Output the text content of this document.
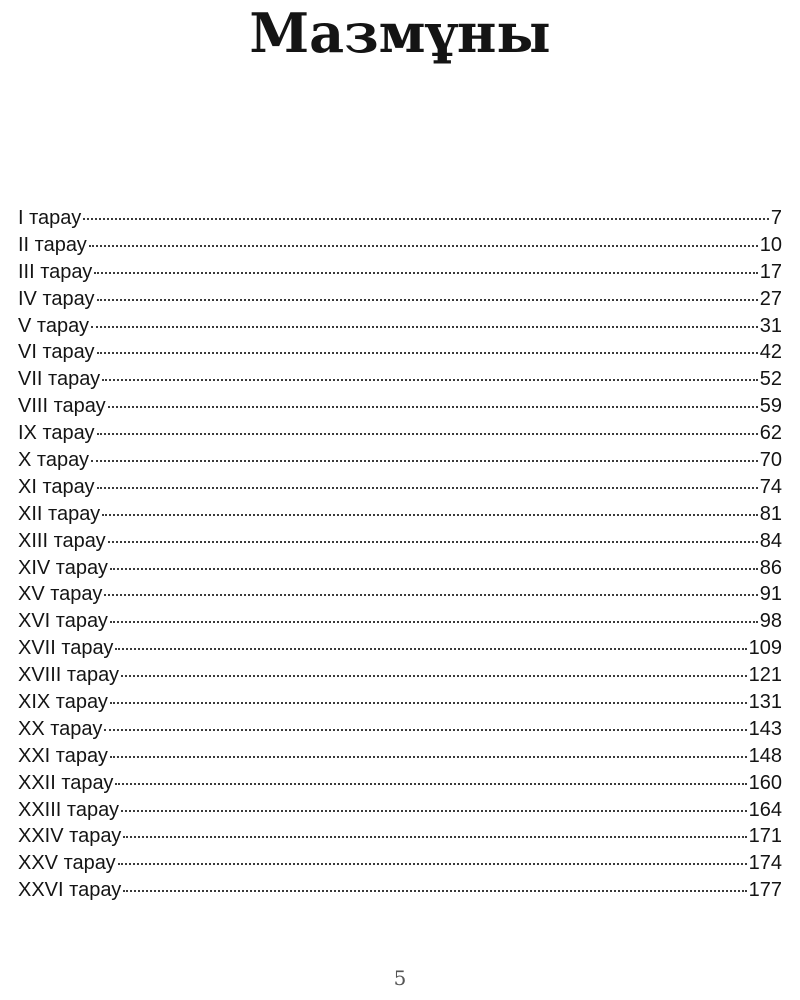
Мазмұны
I тарау	7
II тарау	10
III тарау	17
IV тарау	27
V тарау	31
VI тарау	42
VII тарау	52
VIII тарау	59
IX тарау	62
X тарау	70
XI тарау	74
XII тарау	81
XIII тарау	84
XIV тарау	86
XV тарау	91
XVI тарау	98
XVII тарау	109
XVIII тарау	121
XIX тарау	131
XX тарау	143
XXI тарау	148
XXII тарау	160
XXIII тарау	164
XXIV тарау	171
XXV тарау	174
XXVI тарау	177
5
